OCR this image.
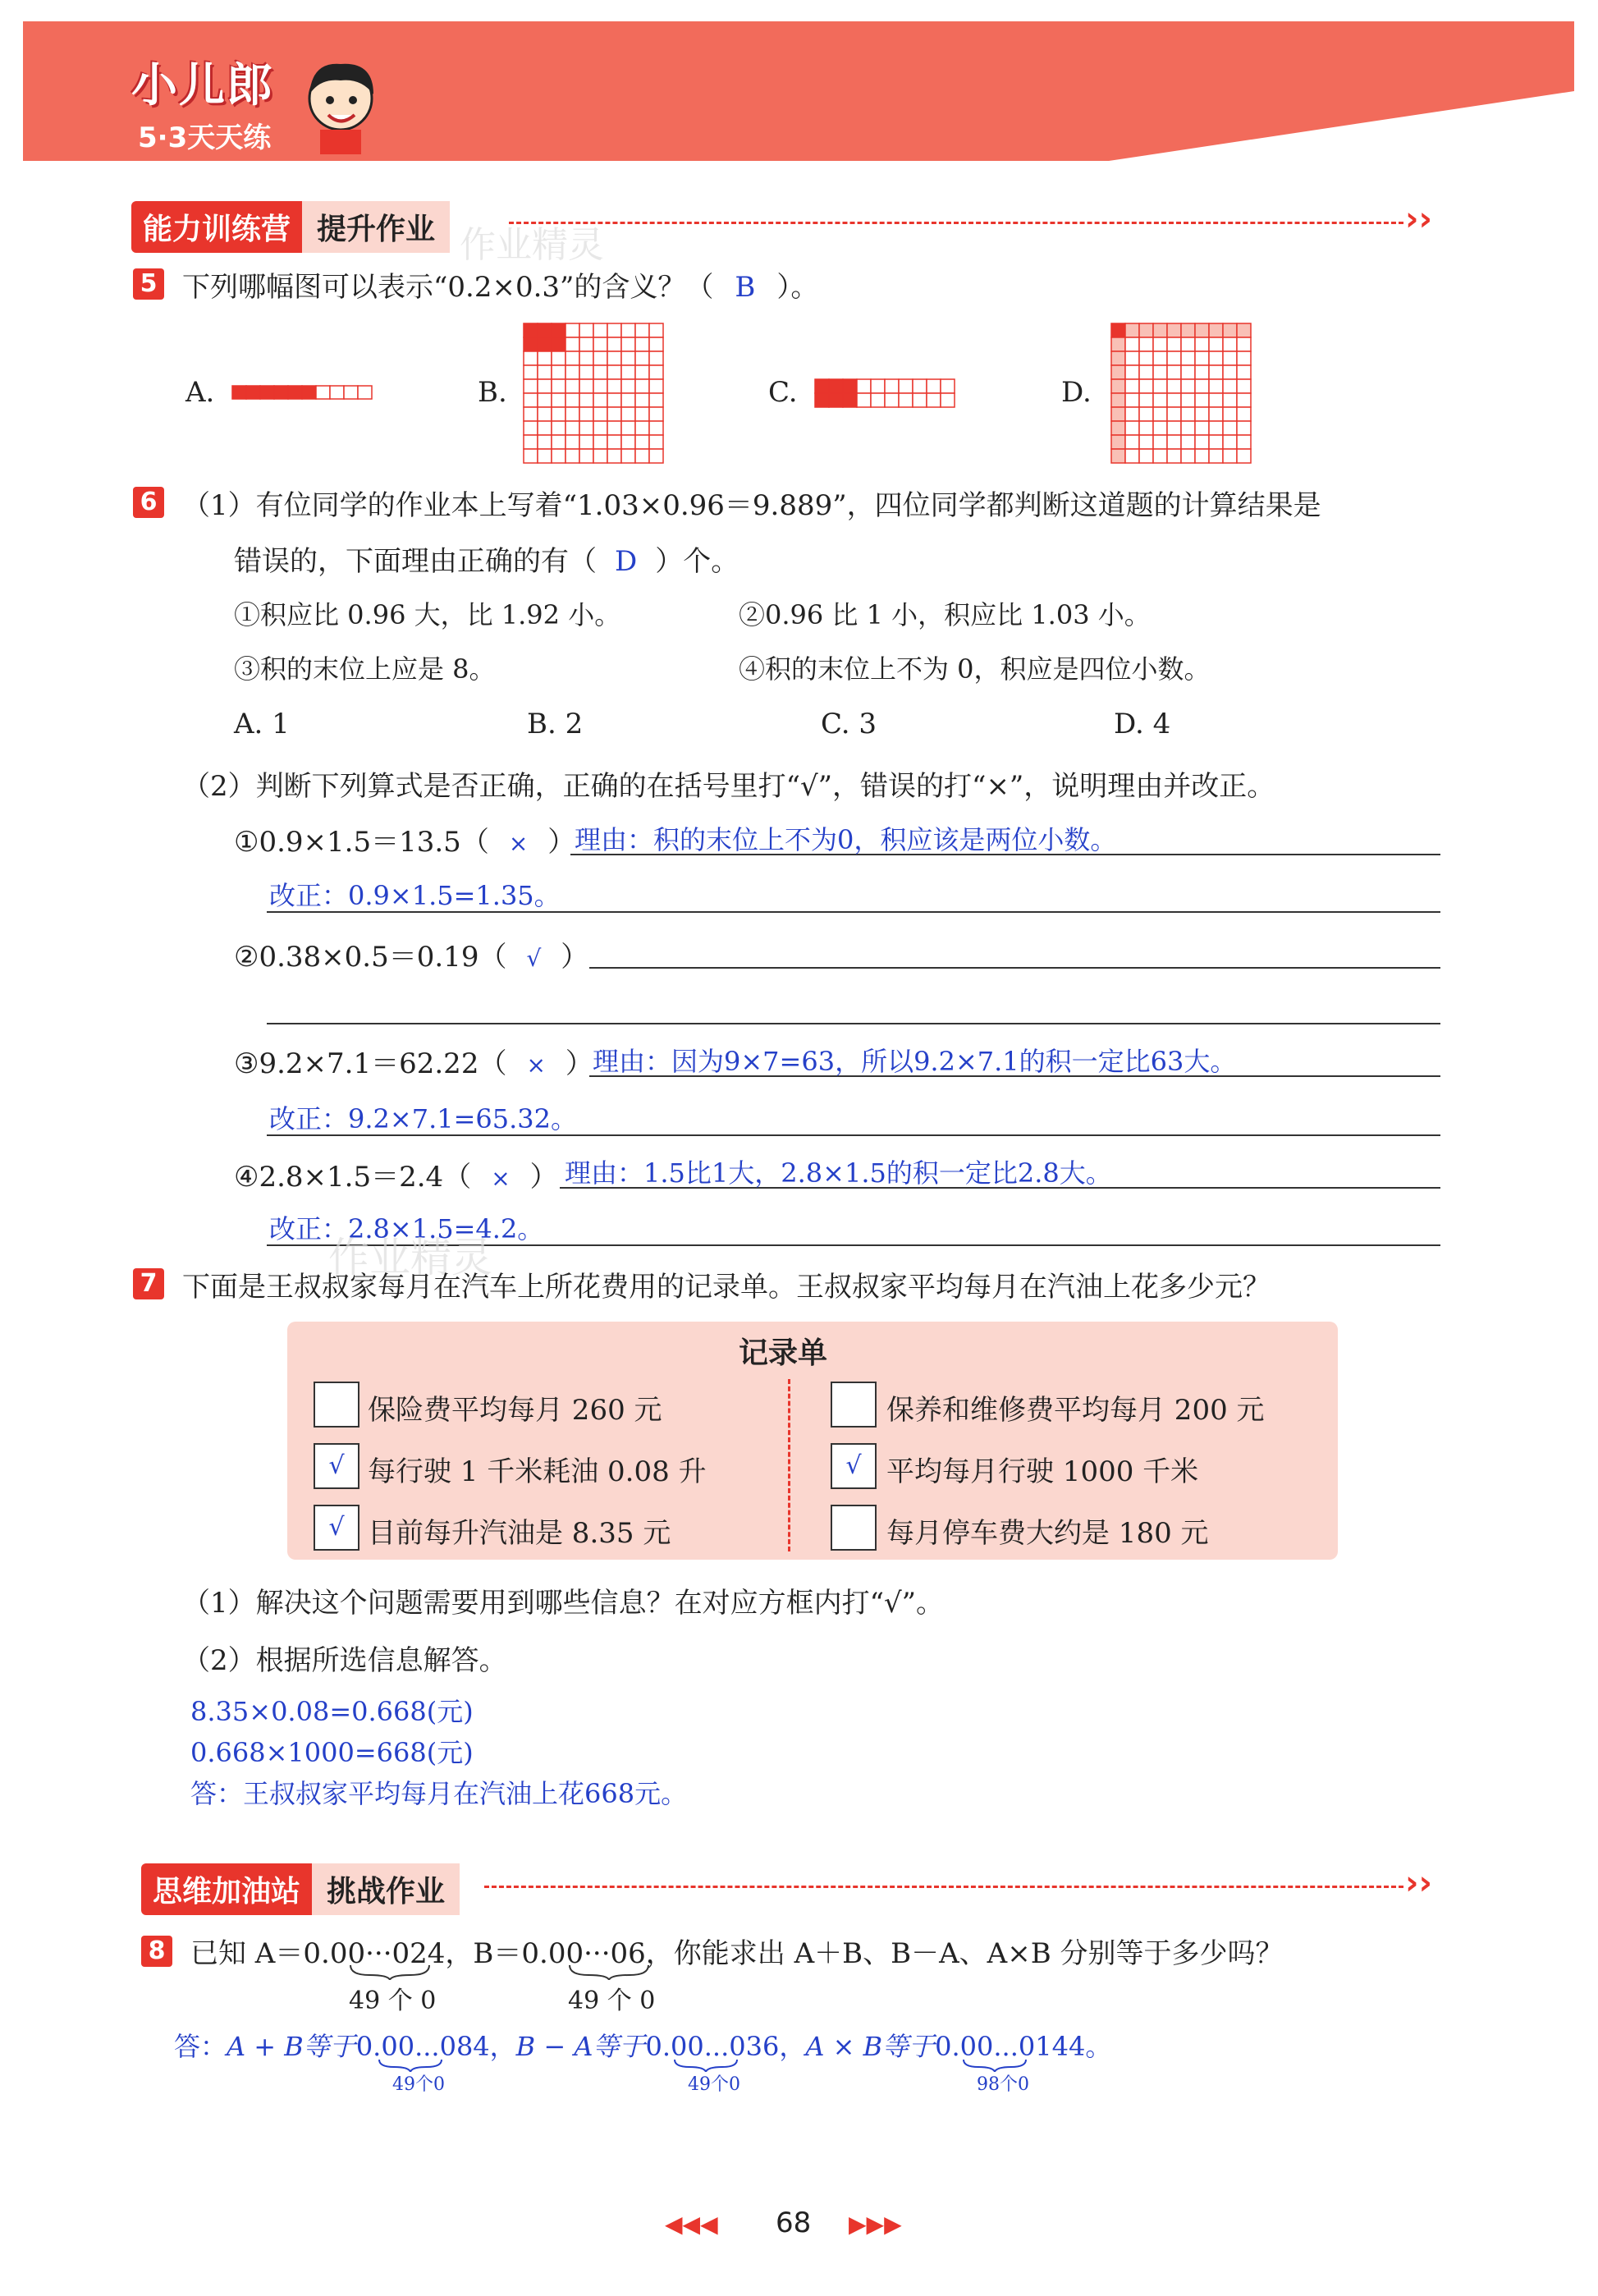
小儿郎
5·3天天练
能力训练营 提升作业	››
作业精灵
5 下列哪幅图可以表示“0.2×0.3”的含义？（ B ）。
A.	B.	C.	D.
6 （1）有位同学的作业本上写着“1.03×0.96＝9.889”，四位同学都判断这道题的计算结果是
错误的，下面理由正确的有（ D ）个。
①积应比 0.96 大，比 1.92 小。	②0.96 比 1 小，积应比 1.03 小。
③积的末位上应是 8。	④积的末位上不为 0，积应是四位小数。
A. 1	B. 2	C. 3	D. 4
（2）判断下列算式是否正确，正确的在括号里打“√”，错误的打“×”，说明理由并改正。
①0.9×1.5＝13.5（ × ）
理由：积的末位上不为0，积应该是两位小数。
改正：0.9×1.5=1.35。
②0.38×0.5＝0.19（ √ ）
③9.2×7.1＝62.22（ × ） 理由：因为9×7=63，所以9.2×7.1的积一定比63大。
改正：9.2×7.1=65.32。
④2.8×1.5＝2.4（ × ） 理由：1.5比1大，2.8×1.5的积一定比2.8大。
改正：2.8×1.5=4.2。
作业精灵
7 下面是王叔叔家每月在汽车上所花费用的记录单。王叔叔家平均每月在汽油上花多少元？
记录单
保险费平均每月 260 元	保养和维修费平均每月 200 元
√ 每行驶 1 千米耗油 0.08 升	√ 平均每月行驶 1000 千米
√ 目前每升汽油是 8.35 元	每月停车费大约是 180 元
（1）解决这个问题需要用到哪些信息？在对应方框内打“√”。
（2）根据所选信息解答。
8.35×0.08=0.668(元)
0.668×1000=668(元)
答：王叔叔家平均每月在汽油上花668元。
思维加油站 挑战作业	››
8 已知 A＝0.00···024，B＝0.00···06，你能求出 A＋B、B－A、A×B 分别等于多少吗？
49 个 0	49 个 0
答：A + B等于0.00...084，B − A等于0.00...036，A × B等于0.00...0144。
49个0	49个0	98个0
◀◀◀ 68 ▶▶▶
